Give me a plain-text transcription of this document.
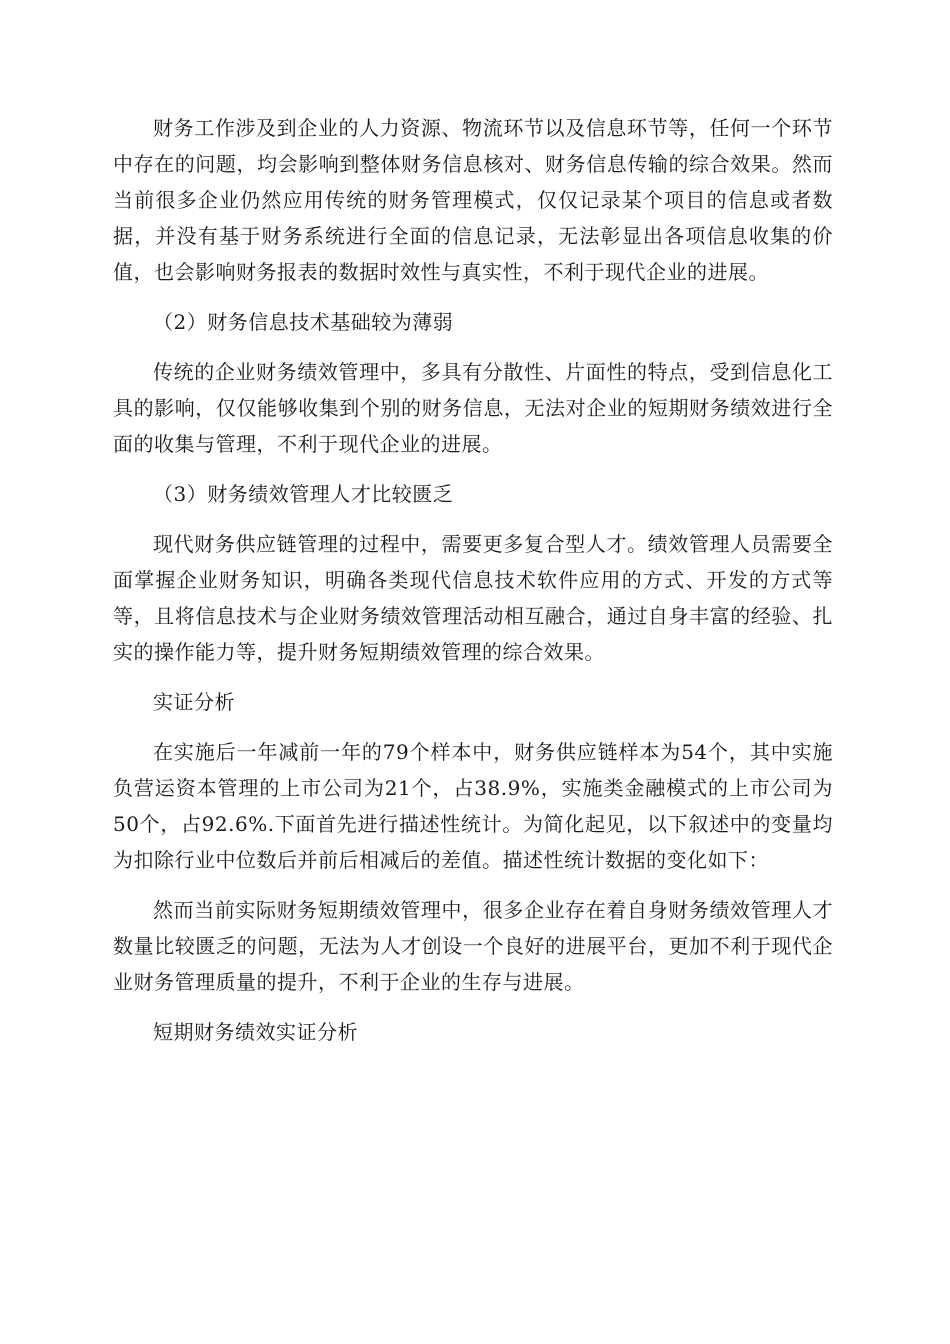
财务工作涉及到企业的人力资源、物流环节以及信息环节等，任何一个环节中存在的问题，均会影响到整体财务信息核对、财务信息传输的综合效果。然而当前很多企业仍然应用传统的财务管理模式，仅仅记录某个项目的信息或者数据，并没有基于财务系统进行全面的信息记录，无法彰显出各项信息收集的价值，也会影响财务报表的数据时效性与真实性，不利于现代企业的进展。

（2）财务信息技术基础较为薄弱

传统的企业财务绩效管理中，多具有分散性、片面性的特点，受到信息化工具的影响，仅仅能够收集到个别的财务信息，无法对企业的短期财务绩效进行全面的收集与管理，不利于现代企业的进展。

（3）财务绩效管理人才比较匮乏

现代财务供应链管理的过程中，需要更多复合型人才。绩效管理人员需要全面掌握企业财务知识，明确各类现代信息技术软件应用的方式、开发的方式等等，且将信息技术与企业财务绩效管理活动相互融合，通过自身丰富的经验、扎实的操作能力等，提升财务短期绩效管理的综合效果。

实证分析

在实施后一年减前一年的79个样本中，财务供应链样本为54个，其中实施负营运资本管理的上市公司为21个，占38.9%，实施类金融模式的上市公司为50个，占92.6%.下面首先进行描述性统计。为简化起见，以下叙述中的变量均为扣除行业中位数后并前后相减后的差值。描述性统计数据的变化如下：

然而当前实际财务短期绩效管理中，很多企业存在着自身财务绩效管理人才数量比较匮乏的问题，无法为人才创设一个良好的进展平台，更加不利于现代企业财务管理质量的提升，不利于企业的生存与进展。

短期财务绩效实证分析
